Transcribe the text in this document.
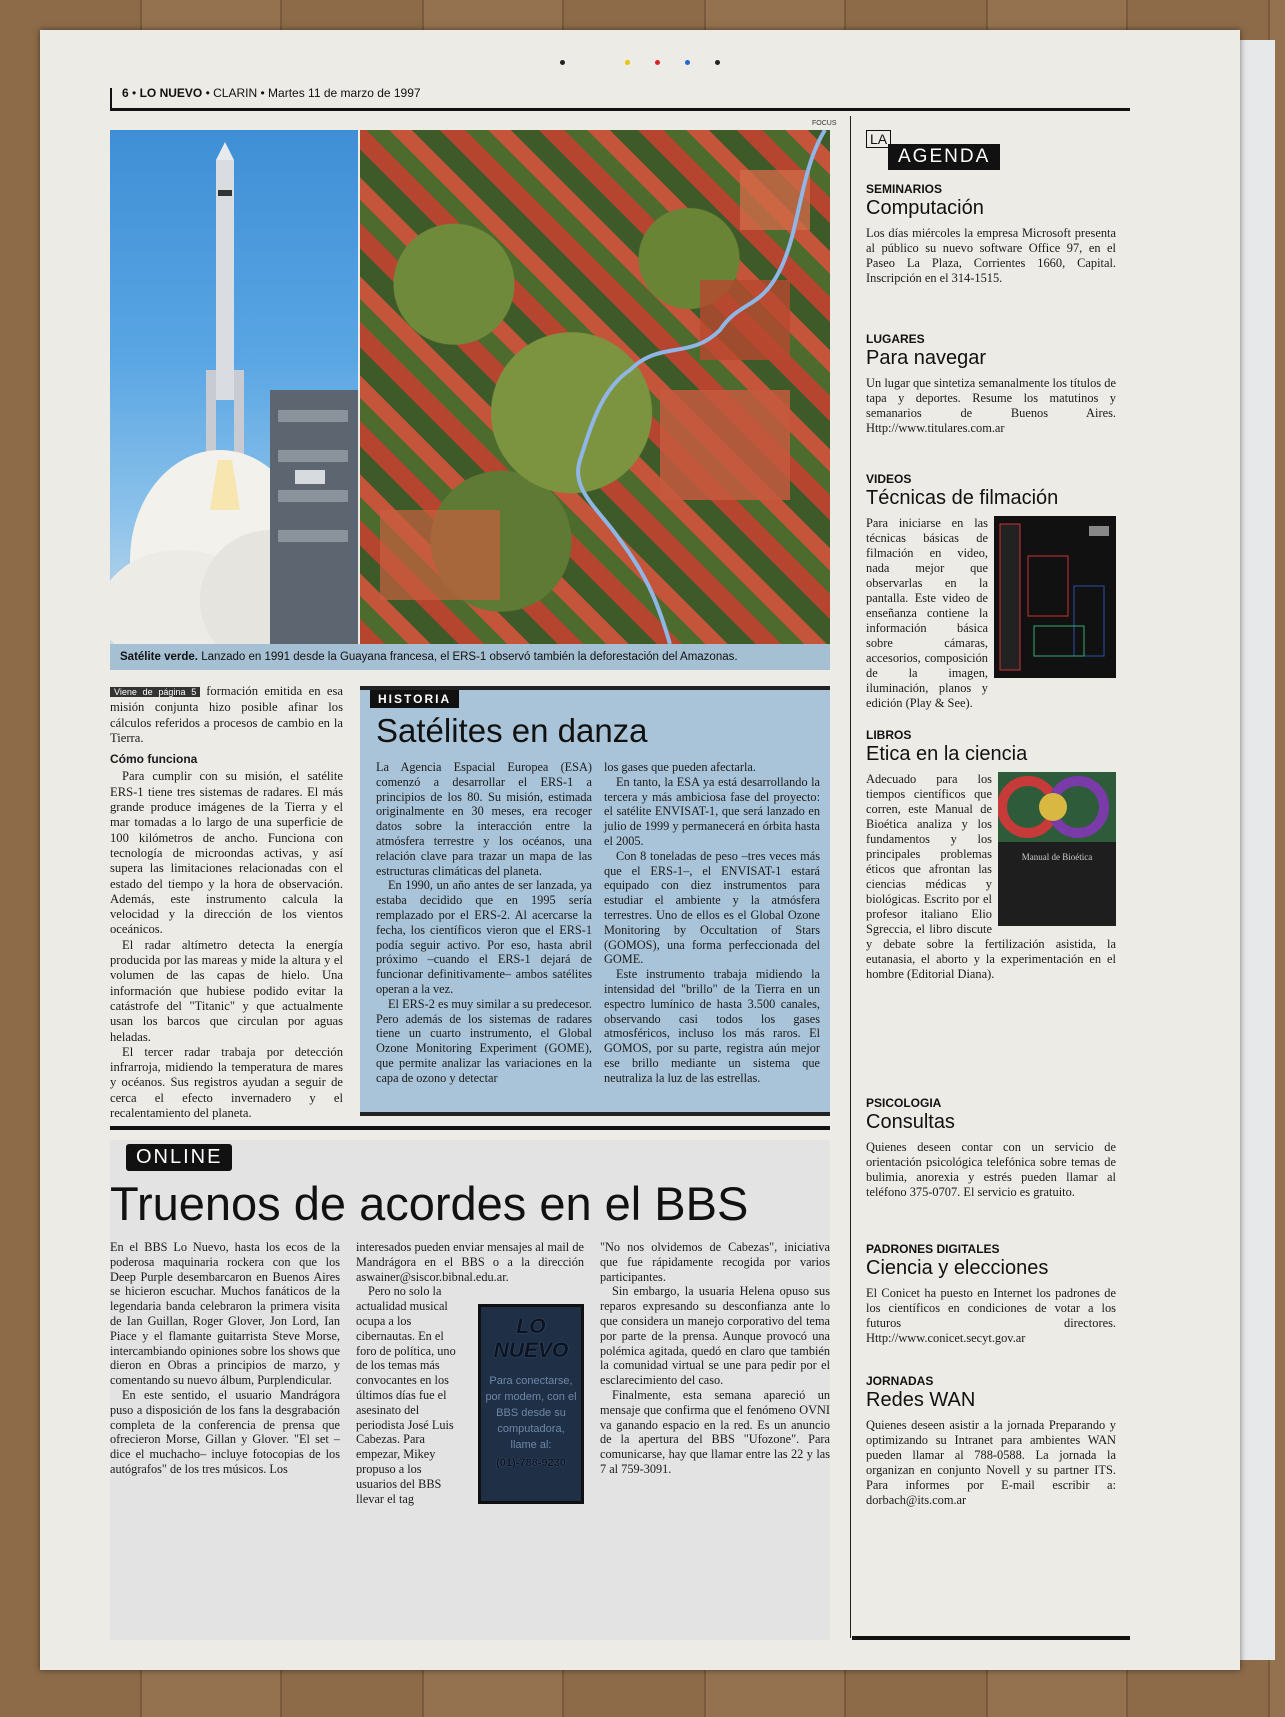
6 • LO NUEVO • CLARIN • Martes 11 de marzo de 1997
FOCUS
Satélite verde. Lanzado en 1991 desde la Guayana francesa, el ERS-1 observó también la deforestación del Amazonas.

Viene de página 5 formación emitida en esa misión conjunta hizo posible afinar los cálculos referidos a procesos de cambio en la Tierra.

Cómo funciona

Para cumplir con su misión, el satélite ERS-1 tiene tres sistemas de radares. El más grande produce imágenes de la Tierra y el mar tomadas a lo largo de una superficie de 100 kilómetros de ancho. Funciona con tecnología de microondas activas, y así supera las limitaciones relacionadas con el estado del tiempo y la hora de observación. Además, este instrumento calcula la velocidad y la dirección de los vientos oceánicos.

El radar altímetro detecta la energía producida por las mareas y mide la altura y el volumen de las capas de hielo. Una información que hubiese podido evitar la catástrofe del "Titanic" y que actualmente usan los barcos que circulan por aguas heladas.

El tercer radar trabaja por detección infrarroja, midiendo la temperatura de mares y océanos. Sus registros ayudan a seguir de cerca el efecto invernadero y el recalentamiento del planeta.

HISTORIA
Satélites en danza

La Agencia Espacial Europea (ESA) comenzó a desarrollar el ERS-1 a principios de los 80. Su misión, estimada originalmente en 30 meses, era recoger datos sobre la interacción entre la atmósfera terrestre y los océanos, una relación clave para trazar un mapa de las estructuras climáticas del planeta.

En 1990, un año antes de ser lanzada, ya estaba decidido que en 1995 sería remplazado por el ERS-2. Al acercarse la fecha, los científicos vieron que el ERS-1 podía seguir activo. Por eso, hasta abril próximo –cuando el ERS-1 dejará de funcionar definitivamente– ambos satélites operan a la vez.

El ERS-2 es muy similar a su predecesor. Pero además de los sistemas de radares tiene un cuarto instrumento, el Global Ozone Monitoring Experiment (GOME), que permite analizar las variaciones en la capa de ozono y detectar

los gases que pueden afectarla.

En tanto, la ESA ya está desarrollando la tercera y más ambiciosa fase del proyecto: el satélite ENVISAT-1, que será lanzado en julio de 1999 y permanecerá en órbita hasta el 2005.

Con 8 toneladas de peso –tres veces más que el ERS-1–, el ENVISAT-1 estará equipado con diez instrumentos para estudiar el ambiente y la atmósfera terrestres. Uno de ellos es el Global Ozone Monitoring by Occultation of Stars (GOMOS), una forma perfeccionada del GOME.

Este instrumento trabaja midiendo la intensidad del "brillo" de la Tierra en un espectro lumínico de hasta 3.500 canales, observando casi todos los gases atmosféricos, incluso los más raros. El GOMOS, por su parte, registra aún mejor ese brillo mediante un sistema que neutraliza la luz de las estrellas.

ONLINE
Truenos de acordes en el BBS

En el BBS Lo Nuevo, hasta los ecos de la poderosa maquinaria rockera con que los Deep Purple desembarcaron en Buenos Aires se hicieron escuchar. Muchos fanáticos de la legendaria banda celebraron la primera visita de Ian Guillan, Roger Glover, Jon Lord, Ian Piace y el flamante guitarrista Steve Morse, intercambiando opiniones sobre los shows que dieron en Obras a principios de marzo, y comentando su nuevo álbum, Purplendicular.

En este sentido, el usuario Mandrágora puso a disposición de los fans la desgrabación completa de la conferencia de prensa que ofrecieron Morse, Gillan y Glover. "El set –dice el muchacho– incluye fotocopias de los autógrafos" de los tres músicos. Los

interesados pueden enviar mensajes al mail de Mandrágora en el BBS o a la dirección aswainer@siscor.bibnal.edu.ar.

Pero no solo la actualidad musical ocupa a los cibernautas. En el foro de política, uno de los temas más convocantes en los últimos días fue el asesinato del periodista José Luis Cabezas. Para empezar, Mikey propuso a los usuarios del BBS llevar el tag

LO NUEVO
Para conectarse, por modem, con el BBS desde su computadora, llame al:
(01)-788-9230

"No nos olvidemos de Cabezas", iniciativa que fue rápidamente recogida por varios participantes.

Sin embargo, la usuaria Helena opuso sus reparos expresando su desconfianza ante lo que considera un manejo corporativo del tema por parte de la prensa. Aunque provocó una polémica agitada, quedó en claro que también la comunidad virtual se une para pedir por el esclarecimiento del caso.

Finalmente, esta semana apareció un mensaje que confirma que el fenómeno OVNI va ganando espacio en la red. Es un anuncio de la apertura del BBS "Ufozone". Para comunicarse, hay que llamar entre las 22 y las 7 al 759-3091.

LA
AGENDA
SEMINARIOS
Computación
Los días miércoles la empresa Microsoft presenta al público su nuevo software Office 97, en el Paseo La Plaza, Corrientes 1660, Capital. Inscripción en el 314-1515.
LUGARES
Para navegar
Un lugar que sintetiza semanalmente los títulos de tapa y deportes. Resume los matutinos y semanarios de Buenos Aires. Http://www.titulares.com.ar
VIDEOS
Técnicas de filmación
Para iniciarse en las técnicas básicas de filmación en video, nada mejor que observarlas en la pantalla. Este video de enseñanza contiene la información básica sobre cámaras, accesorios, composición de la imagen, iluminación, planos y edición (Play & See).
LIBROS
Etica en la ciencia
Manual de Bioética
Adecuado para los tiempos científicos que corren, este Manual de Bioética analiza y los fundamentos y los principales problemas éticos que afrontan las ciencias médicas y biológicas. Escrito por el profesor italiano Elio Sgreccia, el libro discute y debate sobre la fertilización asistida, la eutanasia, el aborto y la experimentación en el hombre (Editorial Diana).
PSICOLOGIA
Consultas
Quienes deseen contar con un servicio de orientación psicológica telefónica sobre temas de bulimia, anorexia y estrés pueden llamar al teléfono 375-0707. El servicio es gratuito.
PADRONES DIGITALES
Ciencia y elecciones
El Conicet ha puesto en Internet los padrones de los científicos en condiciones de votar a los futuros directores. Http://www.conicet.secyt.gov.ar
JORNADAS
Redes WAN
Quienes deseen asistir a la jornada Preparando y optimizando su Intranet para ambientes WAN pueden llamar al 788-0588. La jornada la organizan en conjunto Novell y su partner ITS. Para informes por E-mail escribir a: dorbach@its.com.ar
